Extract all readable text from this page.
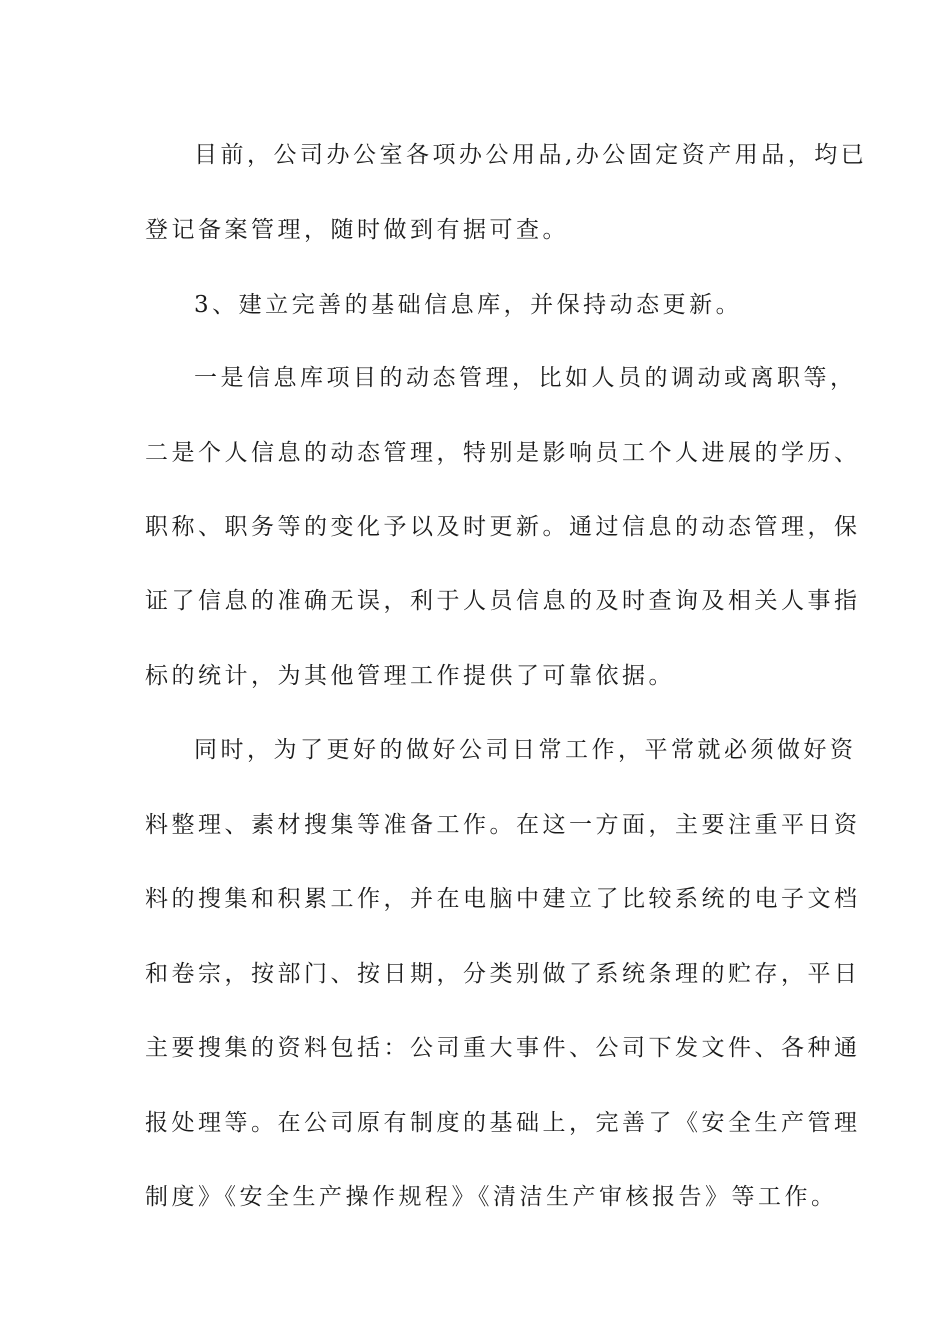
目前，公司办公室各项办公用品,办公固定资产用品，均已
登记备案管理，随时做到有据可查。
3、建立完善的基础信息库，并保持动态更新。
一是信息库项目的动态管理，比如人员的调动或离职等，
二是个人信息的动态管理，特别是影响员工个人进展的学历、
职称、职务等的变化予以及时更新。通过信息的动态管理，保
证了信息的准确无误，利于人员信息的及时查询及相关人事指
标的统计，为其他管理工作提供了可靠依据。
同时，为了更好的做好公司日常工作，平常就必须做好资
料整理、素材搜集等准备工作。在这一方面，主要注重平日资
料的搜集和积累工作，并在电脑中建立了比较系统的电子文档
和卷宗，按部门、按日期，分类别做了系统条理的贮存，平日
主要搜集的资料包括：公司重大事件、公司下发文件、各种通
报处理等。在公司原有制度的基础上，完善了《安全生产管理
制度》《安全生产操作规程》《清洁生产审核报告》等工作。
